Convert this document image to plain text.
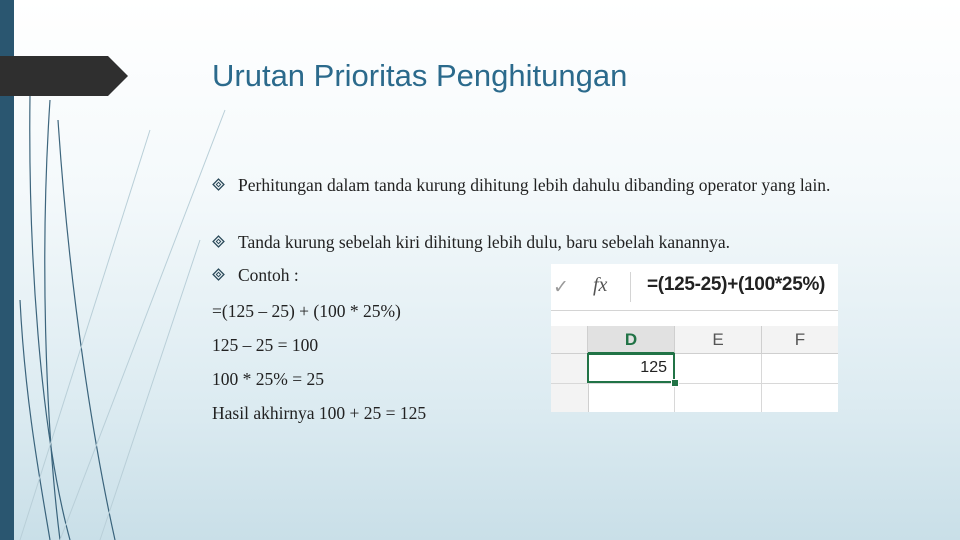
Urutan Prioritas Penghitungan
Perhitungan dalam tanda kurung dihitung lebih dahulu dibanding operator yang lain.
Tanda kurung sebelah kiri dihitung lebih dulu, baru sebelah kanannya.
Contoh :
=(125 – 25) + (100 * 25%)
125 – 25 = 100
100 * 25% = 25
Hasil akhirnya 100 + 25 = 125
✓ fx =(125-25)+(100*25%)
D	E	F
125
